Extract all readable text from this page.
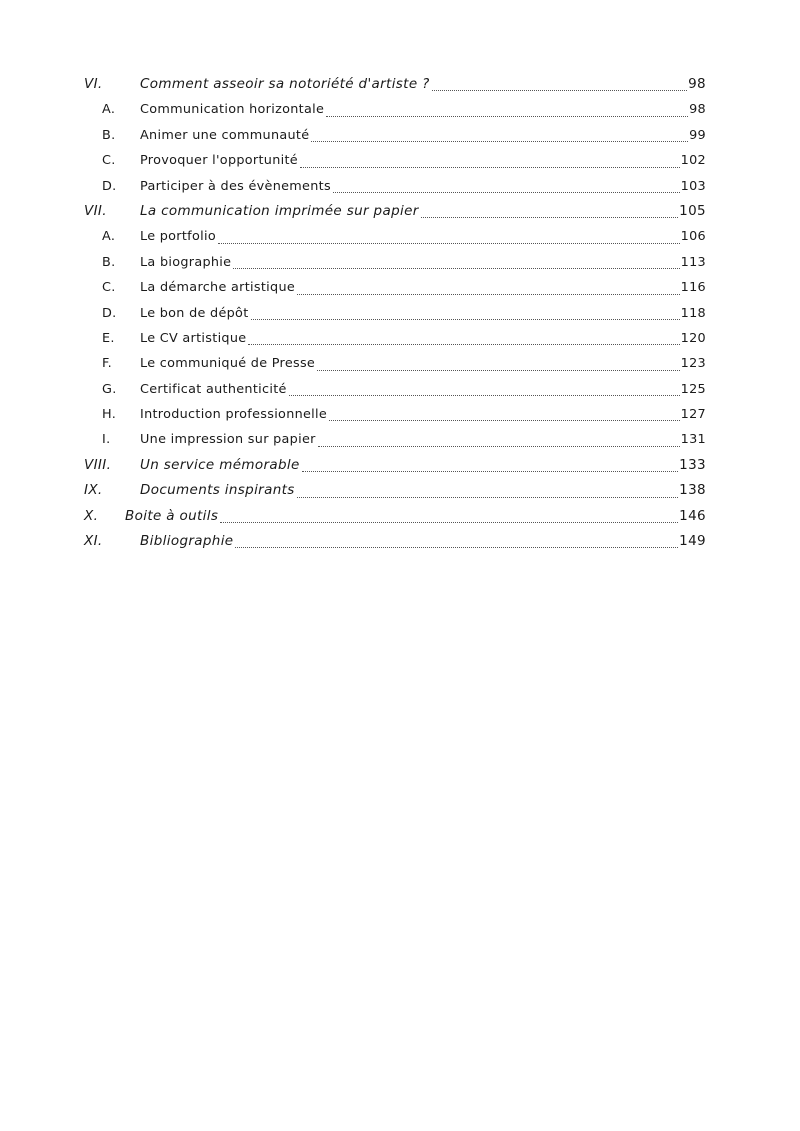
VI.	Comment asseoir sa notoriété d'artiste ?	98
A.	Communication horizontale	98
B.	Animer une communauté	99
C.	Provoquer l'opportunité	102
D.	Participer à des évènements	103
VII.	La communication imprimée sur papier	105
A.	Le portfolio	106
B.	La biographie	113
C.	La démarche artistique	116
D.	Le bon de dépôt	118
E.	Le CV artistique	120
F.	Le communiqué de Presse	123
G.	Certificat authenticité	125
H.	Introduction professionnelle	127
I.	Une impression sur papier	131
VIII.	Un service mémorable	133
IX.	Documents inspirants	138
X.	Boite à outils	146
XI.	Bibliographie	149
